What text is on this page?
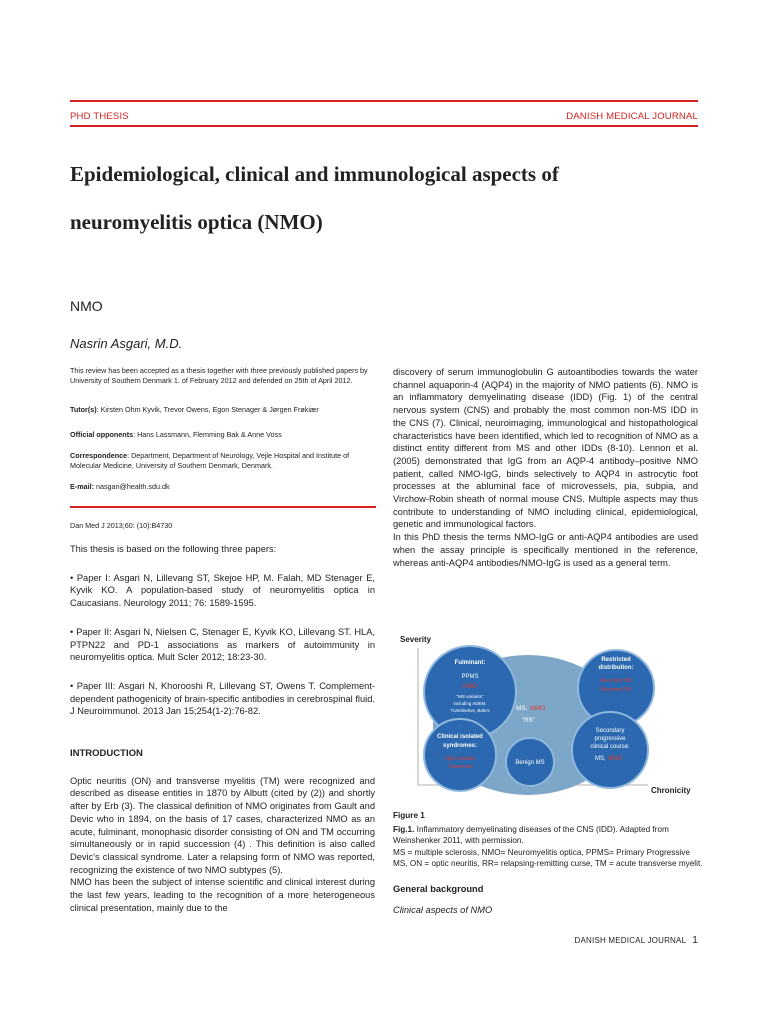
PHD THESIS	DANISH MEDICAL JOURNAL
Epidemiological, clinical and immunological aspects of
neuromyelitis optica (NMO)
NMO
Nasrin Asgari, M.D.
This review has been accepted as a thesis together with three previously published papers by University of Southern Denmark 1. of February 2012 and defended on 25th of April 2012.
Tutor(s): Kirsten Ohm Kyvik, Trevor Owens, Egon Stenager & Jørgen Frøkiær
Official opponents: Hans Lassmann, Flemming Bak & Anne Voss
Correspondence: Department, Department of Neurology, Vejle Hospital and Institute of Molecular Medicine, University of Southern Denmark, Denmark.
E-mail: nasgari@health.sdu.dk
Dan Med J 2013;60: (10):B4730
This thesis is based on the following three papers:
• Paper I: Asgari N, Lillevang ST, Skejoe HP, M. Falah, MD Stenager E, Kyvik KO. A population-based study of neuromyelitis optica in Caucasians. Neurology 2011; 76: 1589-1595.
• Paper II: Asgari N, Nielsen C, Stenager E, Kyvik KO, Lillevang ST. HLA, PTPN22 and PD-1 associations as markers of autoimmunity in neuromyelitis optica. Mult Scler 2012; 18:23-30.
• Paper III: Asgari N, Khorooshi R, Lillevang ST, Owens T. Complement-dependent pathogenicity of brain-specific antibodies in cerebrospinal fluid. J Neuroimmunol. 2013 Jan 15;254(1-2):76-82.
INTRODUCTION
Optic neuritis (ON) and transverse myelitis (TM) were recognized and described as disease entities in 1870 by Albutt (cited by (2)) and shortly after by Erb (3). The classical definition of NMO originates from Gault and Devic who in 1894, on the basis of 17 cases, characterized NMO as an acute, fulminant, monophasic disorder consisting of ON and TM occurring simultaneously or in rapid succession (4) . This definition is also called Devic's classical syndrome. Later a relapsing form of NMO was reported, recognizing the existence of two NMO subtypes (5).
NMO has been the subject of intense scientific and clinical interest during the last few years, leading to the recognition of a more heterogeneous clinical presentation, mainly due to the
discovery of serum immunoglobulin G autoantibodies towards the water channel aquaporin-4 (AQP4) in the majority of NMO patients (6). NMO is an inflammatory demyelinating disease (IDD) (Fig. 1) of the central nervous system (CNS) and probably the most common non-MS IDD in the CNS (7). Clinical, neuroimaging, immunological and histopathological characteristics have been identified, which led to recognition of NMO as a distinct entity different from MS and other IDDs (8-10). Lennon et al. (2005) demonstrated that IgG from an AQP-4 antibody–positive NMO patient, called NMO-IgG, binds selectively to AQP4 in astrocytic foot processes at the abluminal face of microvessels, pia, subpia, and Virchow-Robin sheath of normal mouse CNS. Multiple aspects may thus contribute to understanding of NMO including clinical, epidemiological, genetic and immunological factors.
In this PhD thesis the terms NMO-IgG or anti-AQP4 antibodies are used when the assay principle is specifically mentioned in the reference, whereas anti-AQP4 antibodies/NMO-IgG is used as a general term.
Severity
Chronicity
Fulminant:
PPMS
NMO
"MS variants"
including ADEM,
Tumefactive, Balo's	MS, NMO
"RR"
Restricted
distribution:
Recurrent ON
Recurrent TM
Clinical isolated
syndromes:
Optic neuritis
Transverse
Benign MS
Secondary
progressive
clinical course:
MS, NMO
Figure 1
Fig.1. Inflammatory demyelinating diseases of the CNS (IDD). Adapted from Weinshenker 2011, with permission.
MS = multiple sclerosis, NMO= Neuromyelitis optica, PPMS= Primary Progressive MS, ON = optic neuritis, RR= relapsing-remitting curse, TM = acute transverse myelit.
General background
Clinical aspects of NMO
DANISH MEDICAL JOURNAL 1
